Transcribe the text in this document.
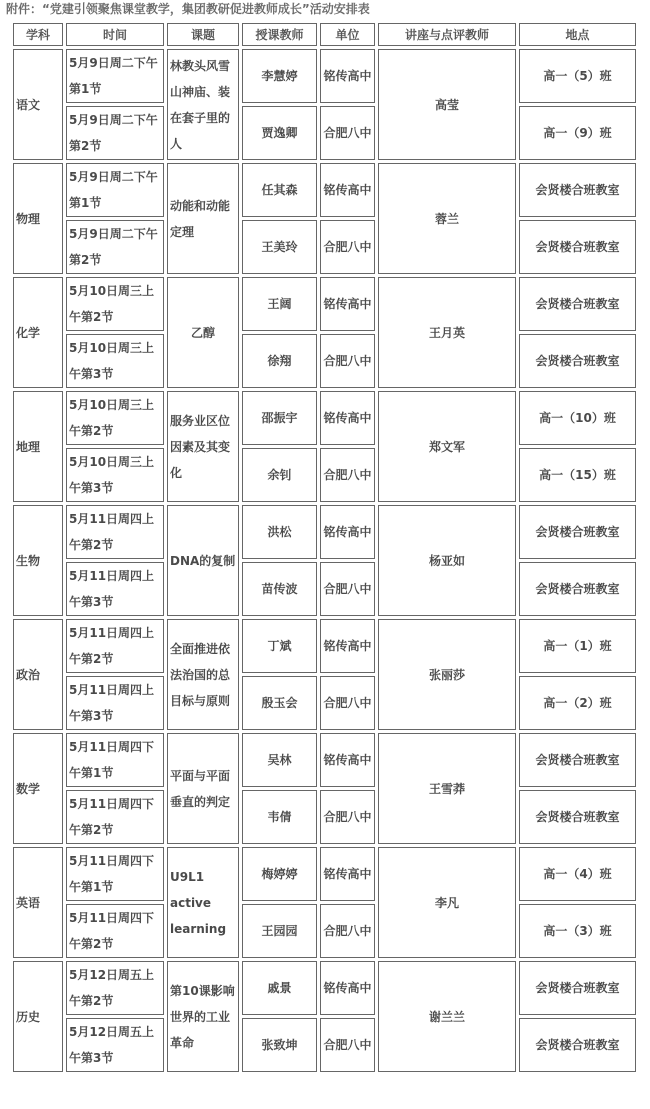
附件：“党建引领聚焦课堂教学，集团教研促进教师成长”活动安排表
学科	时间	课题	授课教师	单位	讲座与点评教师	地点
语文	5月9日周二下午第1节	林教头风雪山神庙、装在套子里的人	李慧婷	铭传高中	高莹	高一（5）班
	5月9日周二下午第2节		贾逸卿	合肥八中		高一（9）班
物理	5月9日周二下午第1节	动能和动能定理	任其森	铭传高中	蓉兰	会贤楼合班教室
	5月9日周二下午第2节		王美玲	合肥八中		会贤楼合班教室
化学	5月10日周三上午第2节	乙醇	王阔	铭传高中	王月英	会贤楼合班教室
	5月10日周三上午第3节		徐翔	合肥八中		会贤楼合班教室
地理	5月10日周三上午第2节	服务业区位因素及其变化	邵振宇	铭传高中	郑文军	高一（10）班
	5月10日周三上午第3节		余钊	合肥八中		高一（15）班
生物	5月11日周四上午第2节	DNA的复制	洪松	铭传高中	杨亚如	会贤楼合班教室
	5月11日周四上午第3节		苗传波	合肥八中		会贤楼合班教室
政治	5月11日周四上午第2节	全面推进依法治国的总目标与原则	丁斌	铭传高中	张丽莎	高一（1）班
	5月11日周四上午第3节		殷玉会	合肥八中		高一（2）班
数学	5月11日周四下午第1节	平面与平面垂直的判定	吴林	铭传高中	王雪莽	会贤楼合班教室
	5月11日周四下午第2节		韦倩	合肥八中		会贤楼合班教室
英语	5月11日周四下午第1节	U9L1 active learning	梅婷婷	铭传高中	李凡	高一（4）班
	5月11日周四下午第2节		王园园	合肥八中		高一（3）班
历史	5月12日周五上午第2节	第10课影响世界的工业革命	戚景	铭传高中	谢兰兰	会贤楼合班教室
	5月12日周五上午第3节		张致坤	合肥八中		会贤楼合班教室
